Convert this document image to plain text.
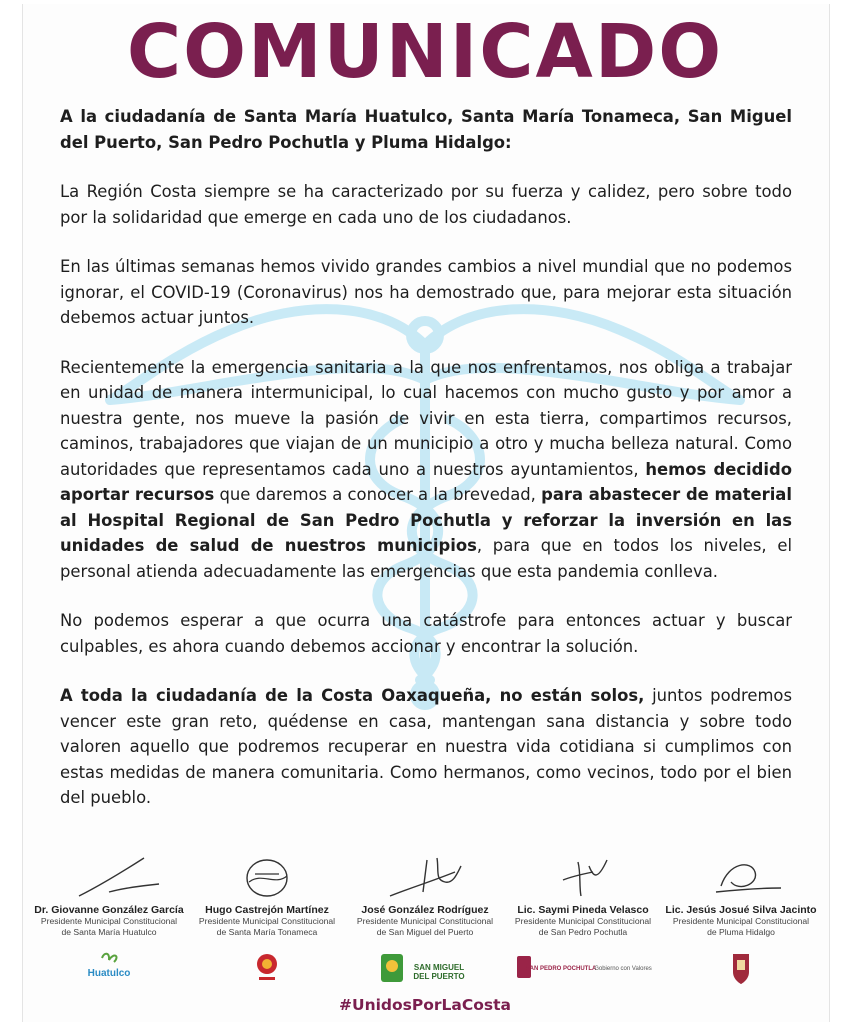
COMUNICADO

A la ciudadanía de Santa María Huatulco, Santa María Tonameca, San Miguel del Puerto, San Pedro Pochutla y Pluma Hidalgo:

La Región Costa siempre se ha caracterizado por su fuerza y calidez, pero sobre todo por la solidaridad que emerge en cada uno de los ciudadanos.

En las últimas semanas hemos vivido grandes cambios a nivel mundial que no podemos ignorar, el COVID-19 (Coronavirus) nos ha demostrado que, para mejorar esta situación debemos actuar juntos.

Recientemente la emergencia sanitaria a la que nos enfrentamos, nos obliga a trabajar en unidad de manera intermunicipal, lo cual hacemos con mucho gusto y por amor a nuestra gente, nos mueve la pasión de vivir en esta tierra, compartimos recursos, caminos, trabajadores que viajan de un municipio a otro y mucha belleza natural. Como autoridades que representamos cada uno a nuestros ayuntamientos, hemos decidido aportar recursos que daremos a conocer a la brevedad, para abastecer de material al Hospital Regional de San Pedro Pochutla y reforzar la inversión en las unidades de salud de nuestros municipios, para que en todos los niveles, el personal atienda adecuadamente las emergencias que esta pandemia conlleva.

No podemos esperar a que ocurra una catástrofe para entonces actuar y buscar culpables, es ahora cuando debemos accionar y encontrar la solución.

A toda la ciudadanía de la Costa Oaxaqueña, no están solos, juntos podremos vencer este gran reto, quédense en casa, mantengan sana distancia y sobre todo valoren aquello que podremos recuperar en nuestra vida cotidiana si cumplimos con estas medidas de manera comunitaria. Como hermanos, como vecinos, todo por el bien del pueblo.

Dr. Giovanne González García
Presidente Municipal Constitucional
de Santa María Huatulco
Hugo Castrejón Martínez
Presidente Municipal Constitucional
de Santa María Tonameca
José González Rodríguez
Presidente Municipal Constitucional
de San Miguel del Puerto
Lic. Saymi Pineda Velasco
Presidente Municipal Constitucional
de San Pedro Pochutla
Lic. Jesús Josué Silva Jacinto
Presidente Municipal Constitucional
de Pluma Hidalgo
Huatulco
SAN MIGUEL
DEL PUERTO
SAN PEDRO POCHUTLA
Gobierno con Valores
#UnidosPorLaCosta
